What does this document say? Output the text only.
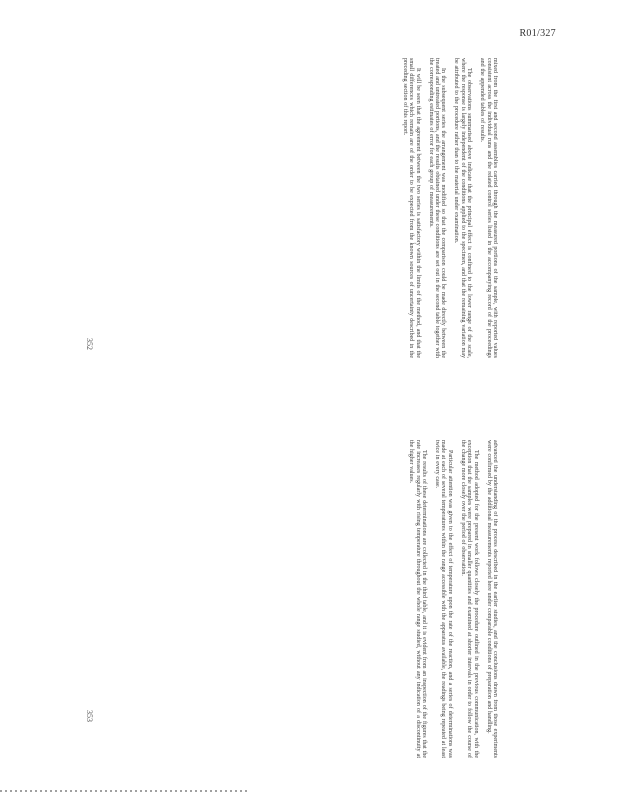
R01/327
352
353

mixed from the first and second assemblies carried through the measured portions of the sample, with reported values consistent across the individual runs and the related control series listed in the accompanying record of the proceedings and the appended tables of results.

The observations summarised above indicate that the principal effect is confined to the lower range of the scale, where the response is largely independent of the conditions applied to the specimen, and that the remaining variation may be attributed to the procedure rather than to the material under examination.

In the subsequent series the arrangement was modified so that the comparison could be made directly between the treated and untreated portions, and the results obtained under these conditions are set out in the second table together with the corresponding estimates of error for each group of measurements.

It will be seen that the agreement between the two series is satisfactory within the limits of the method, and that the small differences which remain are of the order to be expected from the known sources of uncertainty described in the preceding section of this report.

advanced the understanding of the process described in the earlier studies, and the conclusions drawn from those experiments were confirmed by the additional measurements reported here under comparable conditions of preparation and handling.

The method adopted for the present work follows closely the procedure outlined in the previous communication, with the exception that the samples were prepared in smaller quantities and examined at shorter intervals in order to follow the course of the change more closely over the period of observation.

Particular attention was given to the effect of temperature upon the rate of the reaction, and a series of determinations was made at each of several temperatures within the range accessible with the apparatus available, the readings being repeated at least twice in every case.

The results of these determinations are collected in the third table, and it is evident from an inspection of the figures that the rate increases regularly with rising temperature throughout the whole range studied, without any indication of a discontinuity at the higher values.
